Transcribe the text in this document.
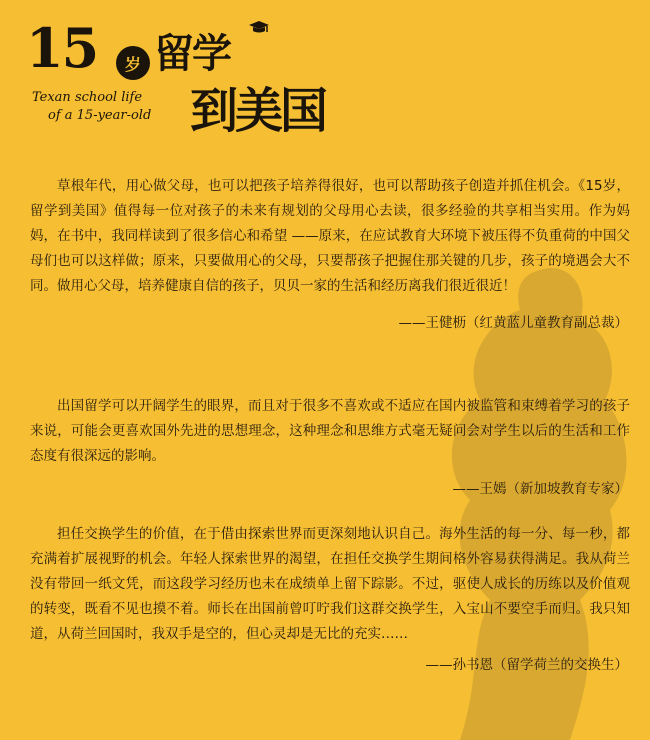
15	岁 留学
到美国
Texan school life
of a 15-year-old

草根年代，用心做父母，也可以把孩子培养得很好，也可以帮助孩子创造并抓住机会。《15岁，留学到美国》值得每一位对孩子的未来有规划的父母用心去读，很多经验的共享相当实用。作为妈妈，在书中，我同样读到了很多信心和希望 ——原来，在应试教育大环境下被压得不负重荷的中国父母们也可以这样做；原来，只要做用心的父母，只要帮孩子把握住那关键的几步，孩子的境遇会大不同。做用心父母，培养健康自信的孩子，贝贝一家的生活和经历离我们很近很近！

——王健枥（红黄蓝儿童教育副总裁）

出国留学可以开阔学生的眼界，而且对于很多不喜欢或不适应在国内被监管和束缚着学习的孩子来说，可能会更喜欢国外先进的思想理念，这种理念和思维方式毫无疑问会对学生以后的生活和工作态度有很深远的影响。

——王嫣（新加坡教育专家）

担任交换学生的价值，在于借由探索世界而更深刻地认识自己。海外生活的每一分、每一秒，都充满着扩展视野的机会。年轻人探索世界的渴望，在担任交换学生期间格外容易获得满足。我从荷兰没有带回一纸文凭，而这段学习经历也未在成绩单上留下踪影。不过，驱使人成长的历练以及价值观的转变，既看不见也摸不着。师长在出国前曾叮咛我们这群交换学生，入宝山不要空手而归。我只知道，从荷兰回国时，我双手是空的，但心灵却是无比的充实……

——孙书恩（留学荷兰的交换生）
